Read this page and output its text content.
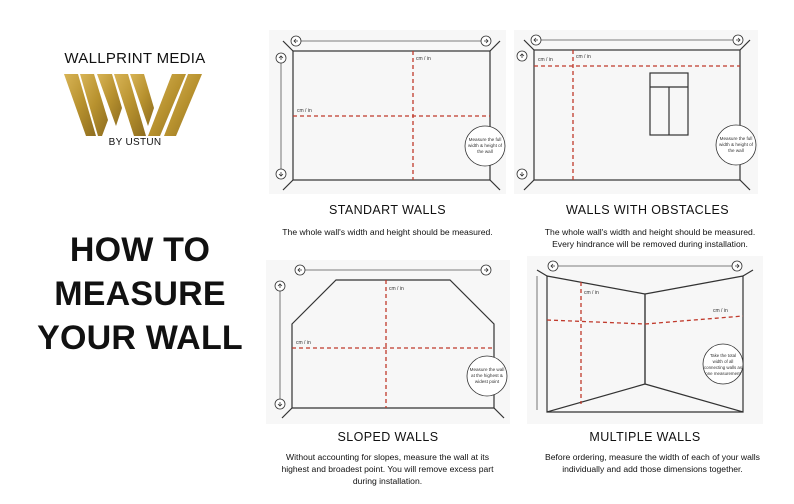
WALLPRINT MEDIA
BY USTUN
HOW TO
MEASURE
YOUR WALL
cm / in
cm / in
Measure the full
width & height of
the wall
STANDART WALLS
The whole wall's width and height should be measured.
cm / in	cm / in
Measure the full
width & height of
the wall
WALLS WITH OBSTACLES
The whole wall's width and height should be measured.
Every hindrance will be removed during installation.
cm / in
cm / in
Measure the wall
at the highest &
widest point
SLOPED WALLS
Without accounting for slopes, measure the wall at its
highest and broadest point. You will remove excess part
during installation.
cm / in
cm / in
Take the total
width of all
connecting walls as
one measurement
MULTIPLE WALLS
Before ordering, measure the width of each of your walls
individually and add those dimensions together.
